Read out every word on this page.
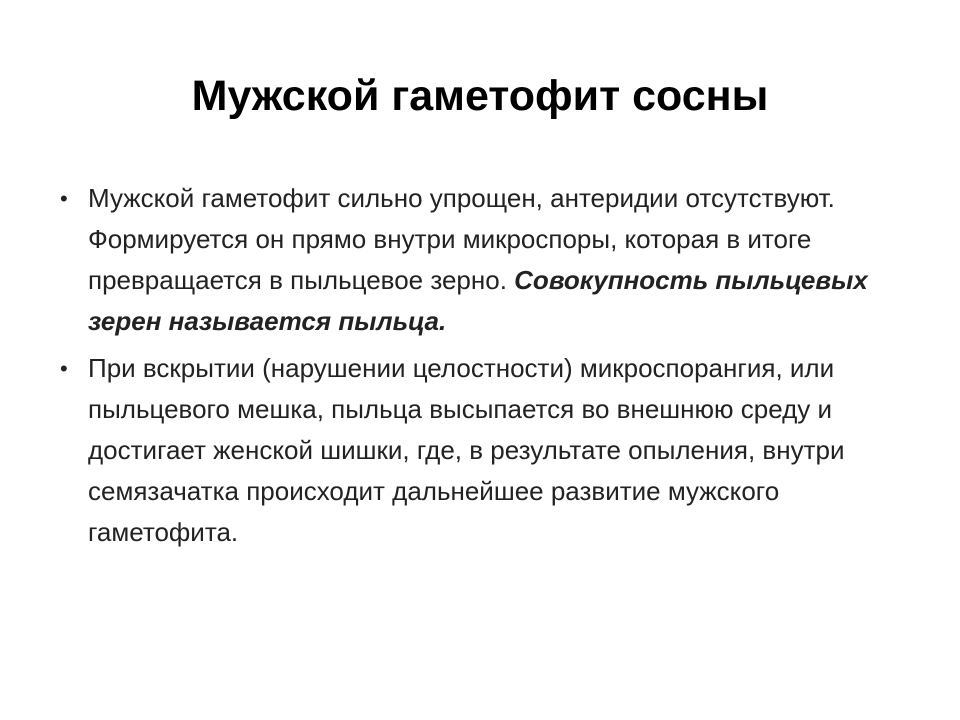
Мужской гаметофит сосны
• Мужской гаметофит сильно упрощен, антеридии отсутствуют. Формируется он прямо внутри микроспоры, которая в итоге превращается в пыльцевое зерно. Совокупность пыльцевых зерен называется пыльца.
• При вскрытии (нарушении целостности) микроспорангия, или пыльцевого мешка, пыльца высыпается во внешнюю среду и достигает женской шишки, где, в результате опыления, внутри семязачатка происходит дальнейшее развитие мужского гаметофита.
